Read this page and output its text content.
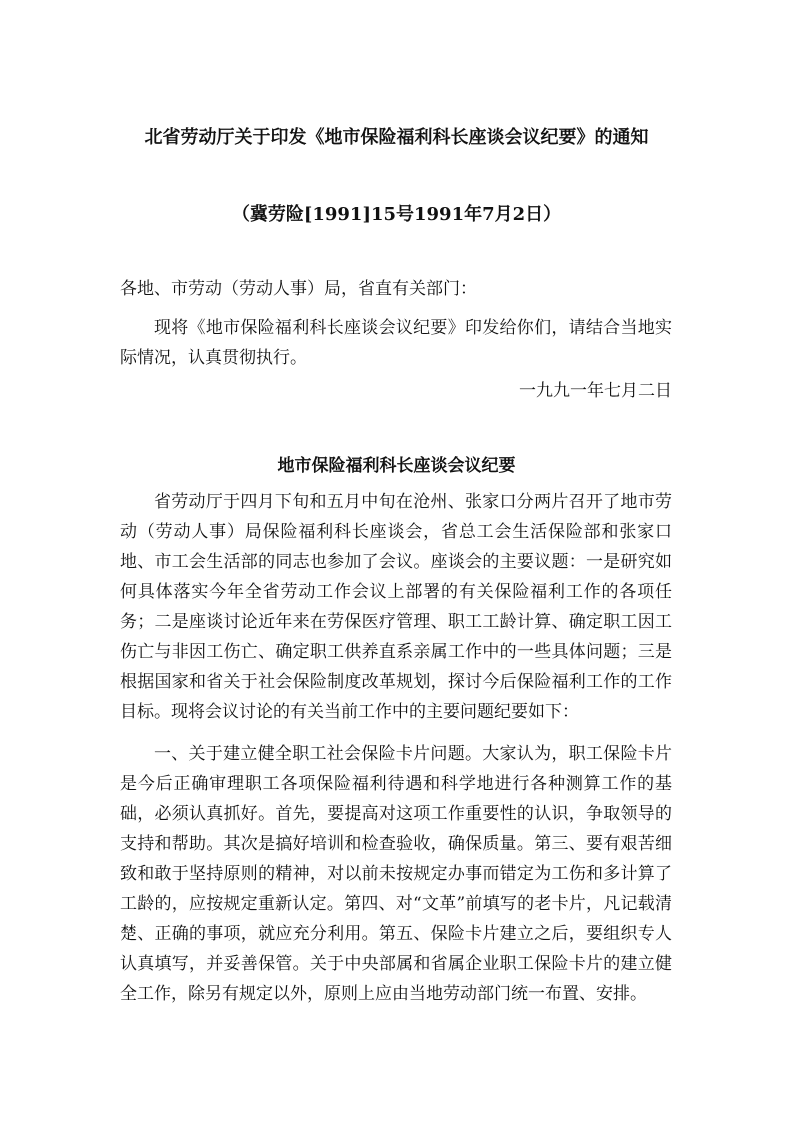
北省劳动厅关于印发《地市保险福利科长座谈会议纪要》的通知
（冀劳险[1991]15号1991年7月2日）

各地、市劳动（劳动人事）局，省直有关部门：

现将《地市保险福利科长座谈会议纪要》印发给你们，请结合当地实际情况，认真贯彻执行。

一九九一年七月二日
地市保险福利科长座谈会议纪要

省劳动厅于四月下旬和五月中旬在沧州、张家口分两片召开了地市劳动（劳动人事）局保险福利科长座谈会，省总工会生活保险部和张家口地、市工会生活部的同志也参加了会议。座谈会的主要议题：一是研究如何具体落实今年全省劳动工作会议上部署的有关保险福利工作的各项任务；二是座谈讨论近年来在劳保医疗管理、职工工龄计算、确定职工因工伤亡与非因工伤亡、确定职工供养直系亲属工作中的一些具体问题；三是根据国家和省关于社会保险制度改革规划，探讨今后保险福利工作的工作目标。现将会议讨论的有关当前工作中的主要问题纪要如下：

一、关于建立健全职工社会保险卡片问题。大家认为，职工保险卡片是今后正确审理职工各项保险福利待遇和科学地进行各种测算工作的基础，必须认真抓好。首先，要提高对这项工作重要性的认识，争取领导的支持和帮助。其次是搞好培训和检查验收，确保质量。第三、要有艰苦细致和敢于坚持原则的精神，对以前未按规定办事而错定为工伤和多计算了工龄的，应按规定重新认定。第四、对“文革”前填写的老卡片，凡记载清楚、正确的事项，就应充分利用。第五、保险卡片建立之后，要组织专人认真填写，并妥善保管。关于中央部属和省属企业职工保险卡片的建立健全工作，除另有规定以外，原则上应由当地劳动部门统一布置、安排。
